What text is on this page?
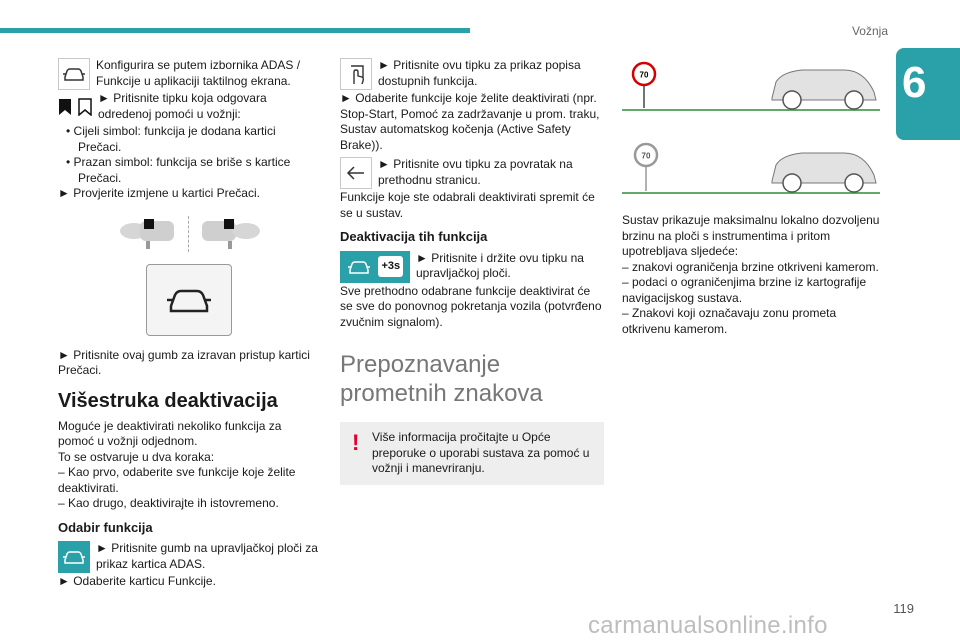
Vožnja
6

Konfigurira se putem izbornika ADAS / Funkcije u aplikaciji taktilnog ekrana.

► Pritisnite tipku koja odgovara odredenoj pomoći u vožnji:

• Cijeli simbol: funkcija je dodana kartici Prečaci.

• Prazan simbol: funkcija se briše s kartice Prečaci.

► Provjerite izmjene u kartici Prečaci.

► Pritisnite ovaj gumb za izravan pristup kartici Prečaci.

Višestruka deaktivacija

Moguće je deaktivirati nekoliko funkcija za pomoć u vožnji odjednom.

To se ostvaruje u dva koraka:

– Kao prvo, odaberite sve funkcije koje želite deaktivirati.

– Kao drugo, deaktivirajte ih istovremeno.

Odabir funkcija

► Pritisnite gumb na upravljačkoj ploči za prikaz kartica ADAS.

► Odaberite karticu Funkcije.

► Pritisnite ovu tipku za prikaz popisa dostupnih funkcija.

► Odaberite funkcije koje želite deaktivirati (npr. Stop-Start, Pomoć za zadržavanje u prom. traku, Sustav automatskog kočenja (Active Safety Brake)).

► Pritisnite ovu tipku za povratak na prethodnu stranicu.

Funkcije koje ste odabrali deaktivirati spremit će se u sustav.

Deaktivacija tih funkcija
+3s

► Pritisnite i držite ovu tipku na upravljačkoj ploči.

Sve prethodno odabrane funkcije deaktivirat će se sve do ponovnog pokretanja vozila (potvrđeno zvučnim signalom).

Prepoznavanje prometnih znakova
!	Više informacija pročitajte u Opće preporuke o uporabi sustava za pomoć u vožnji i manevriranju.

70

70

Sustav prikazuje maksimalnu lokalno dozvoljenu brzinu na ploči s instrumentima i pritom upotrebljava sljedeće:

– znakovi ograničenja brzine otkriveni kamerom.

– podaci o ograničenjima brzine iz kartografije navigacijskog sustava.

– Znakovi koji označavaju zonu prometa otkrivenu kamerom.

119
carmanualsonline.info
